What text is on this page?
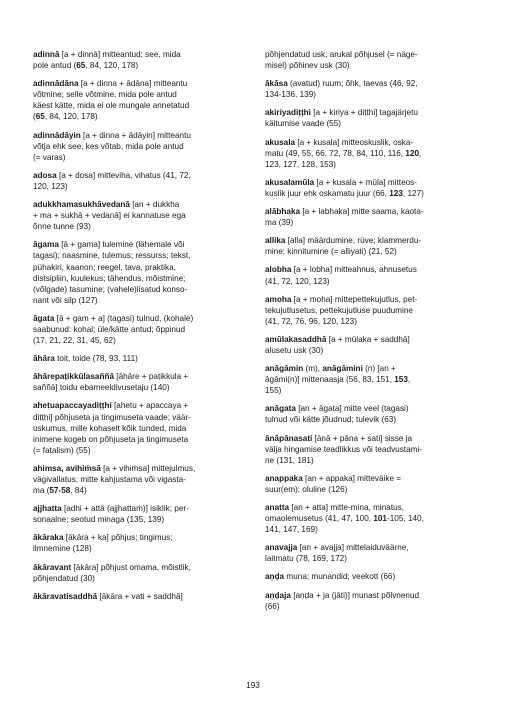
adinnā [a + dinnā] mitteantud; see, mida
pole antud (65, 84, 120, 178)
adinnādāna [a + dinna + ādāna] mitteantu
võtmine; selle võtmine, mida pole antud
käest kätte, mida ei ole mungale annetatud
(65, 84, 120, 178)
adinnādāyin [a + dinna + ādāyin] mitteantu
võtja ehk see, kes võtab, mida pole antud
(= varas)
adosa [a + dosa] mitteviha, vihatus (41, 72,
120, 123)
adukkhamasukhāvedanā [an + dukkha
+ ma + sukhā + vedanā] ei kannatuse ega
õnne tunne (93)
āgama [ā + gama] tulemine (lähemale või
tagasi); naasmine, tulemus; ressurss; tekst,
pühakiri, kaanon; reegel, tava, praktika,
distsipliin, kuulekus; tähendus, mõistmine;
(võlgade) tasumine; (vahele)lisatud konso-
nant või silp (127)
āgata [ā + gam + a] (tagasi) tulnud, (kohale)
saabunud: kohal; üle/kätte antud; õppinud
(17, 21, 22, 31, 45, 62)
āhāra toit, toide (78, 93, 111)
āhārepaṭikkūlasaññā [āhāre + paṭikkula +
saññā] toidu ebameeldivusetaju (140)
ahetuapaccayadiṭṭhi [ahetu + apaccaya +
diṭṭhi] põhjuseta ja tingimuseta vaade; väär-
uskumus, mille kohaselt kõik tunded, mida
inimene kogeb on põhjuseta ja tingimuseta
(= fatalism) (55)
ahimsa, avihiṁsā [a + vihiṁsa] mittejulmus,
vägivallatus; mitte kahjustama või vigasta-
ma (57-58, 84)
ajjhatta [adhi + attā (ajjhattaṁ)] isiklik; per-
sonaalne; seotud minaga (135, 139)
ākāraka [ākāra + ka] põhjus; tingimus;
ilmnemine (128)
ākāravant [ākāra] põhjust omama, mõistlik,
põhjendatud (30)
ākāravatisaddhā [ākāra + vati + saddhā]
põhjendatud usk; arukal põhjusel (= näge-
misel) põhinev usk (30)
ākāsa (avatud) ruum; õhk, taevas (46, 92,
134-136, 139)
akiriyadiṭṭhi [a + kiriya + diṭṭhi] tagajärjetu
käitumise vaade (55)
akusala [a + kusala] mitteoskuslik, oska-
matu (49, 55, 66, 72, 78, 84, 110, 116, 120,
123, 127, 128, 153)
akusalamūla [a + kusala + mūla] mitteos-
kuslik juur ehk oskamatu juur (66, 123, 127)
alābhaka [a + labhaka] mitte saama, kaota-
ma (39)
allika [alla] määrdumine, rüve; klammerdu-
mine; kinnitumine (= alliyati) (21, 52)
alobha [a + lobha] mitteahnus, ahnusetus
(41, 72, 120, 123)
amoha [a + moha] mittepettekujutlus, pet-
tekujutlusetus, pettekujutluse puudumine
(41, 72, 76, 96, 120, 123)
amūlakasaddhā [a + mūlaka + saddhā]
alusetu usk (30)
anāgāmin (m), anāgāmini (n) [an +
āgāmi(n)] mittenaasja (56, 83, 151, 153,
155)
anāgata [an + āgata] mitte veel (tagasi)
tulnud või kätte jõudnud; tulevik (63)
ānāpānasati [ānā + pāna + sati] sisse ja
välja hingamise teadlikkus või teadvustami-
ne (131, 181)
anappaka [an + appaka] mitteväike =
suur(em); oluline (126)
anatta [an + atta] mitte-mina, minatus,
omaolemusetus (41, 47, 100, 101-105, 140,
141, 147, 169)
anavajja [an + avajja] mittelaiduväärne,
laitmatu (78, 169, 172)
aṇḍa muna; munandid; veekott (66)
aṇḍaja [aṇḍa + ja (jāti)] munast põlvnenud
(66)
193
